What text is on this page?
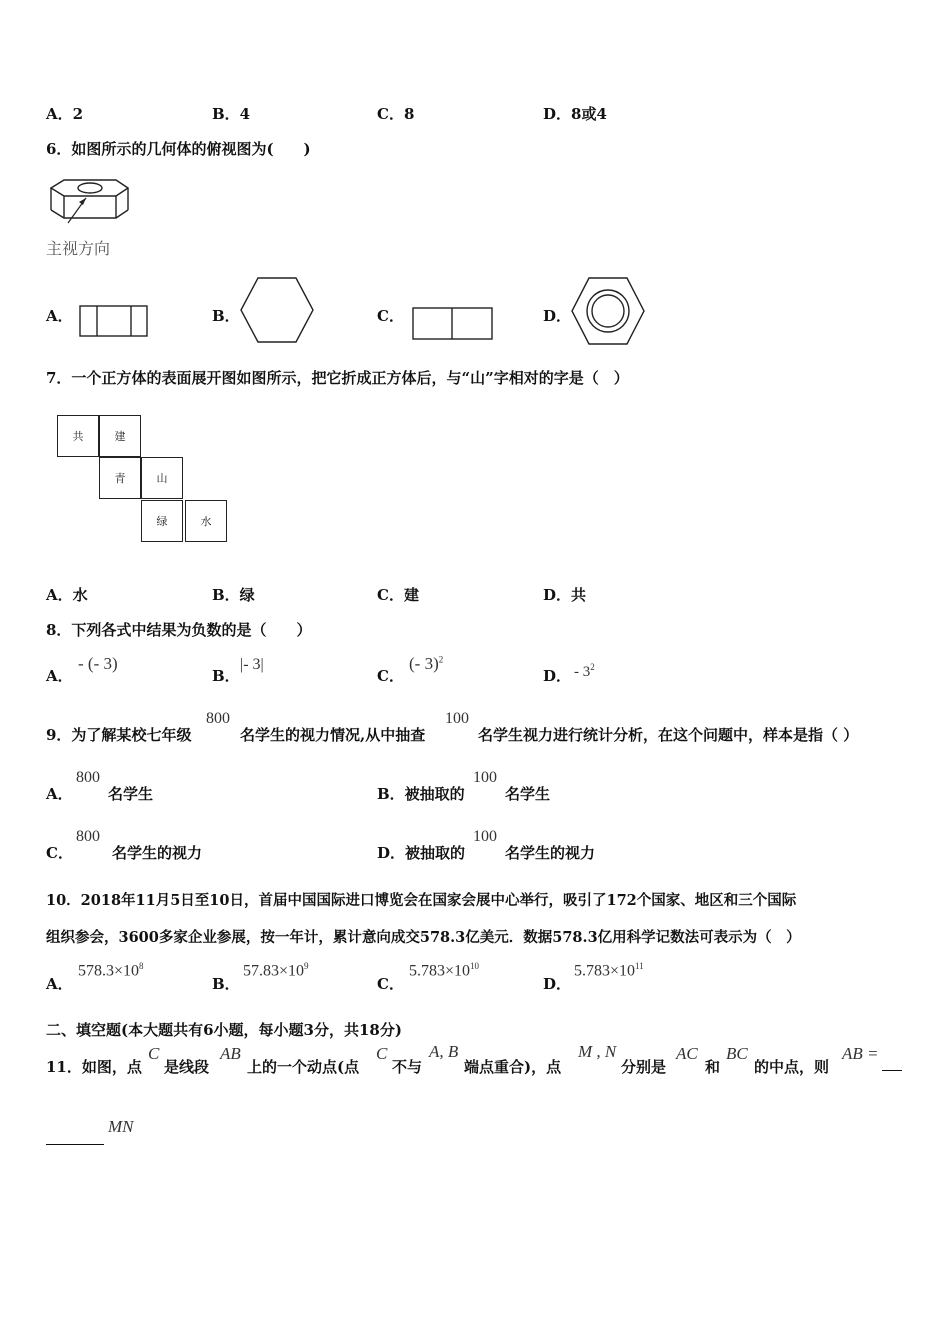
A．2	B．4	C．8	D．8或4
6．如图所示的几何体的俯视图为(　　)
主视方向
A．	B．	C．	D．
7．一个正方体的表面展开图如图所示，把它折成正方体后，与“山”字相对的字是（　）
共	建
青	山
绿	水
A．水	B．绿	C．建	D．共
8．下列各式中结果为负数的是（　　）
A．
- (- 3)
B．
|- 3|
C．
(- 3)$^2$
D． - $3^2$
9．为了解某校七年级
800
名学生的视力情况,从中抽查
100
名学生视力进行统计分析，在这个问题中，样本是指（ ）
A．
800
名学生	B．被抽取的
100
名学生
C．
800
名学生的视力	D．被抽取的
100
名学生的视力
10．2018年11月5日至10日，首届中国国际进口博览会在国家会展中心举行，吸引了172个国家、地区和三个国际
组织参会，3600多家企业参展，按一年计，累计意向成交578.3亿美元．数据578.3亿用科学记数法可表示为（　）
A．
$578.3\times 10^8$
B．
$57.83\times 10^9$
C．
$5.783\times 10^{10}$
D．
$5.783\times 10^{11}$
二、填空题(本大题共有6小题，每小题3分，共18分)
11．如图，点
C
是线段
AB
上的一个动点(点
C
不与
A, B
端点重合)，点
M , N
分别是
AC
和
BC
的中点，则
AB =
MN
